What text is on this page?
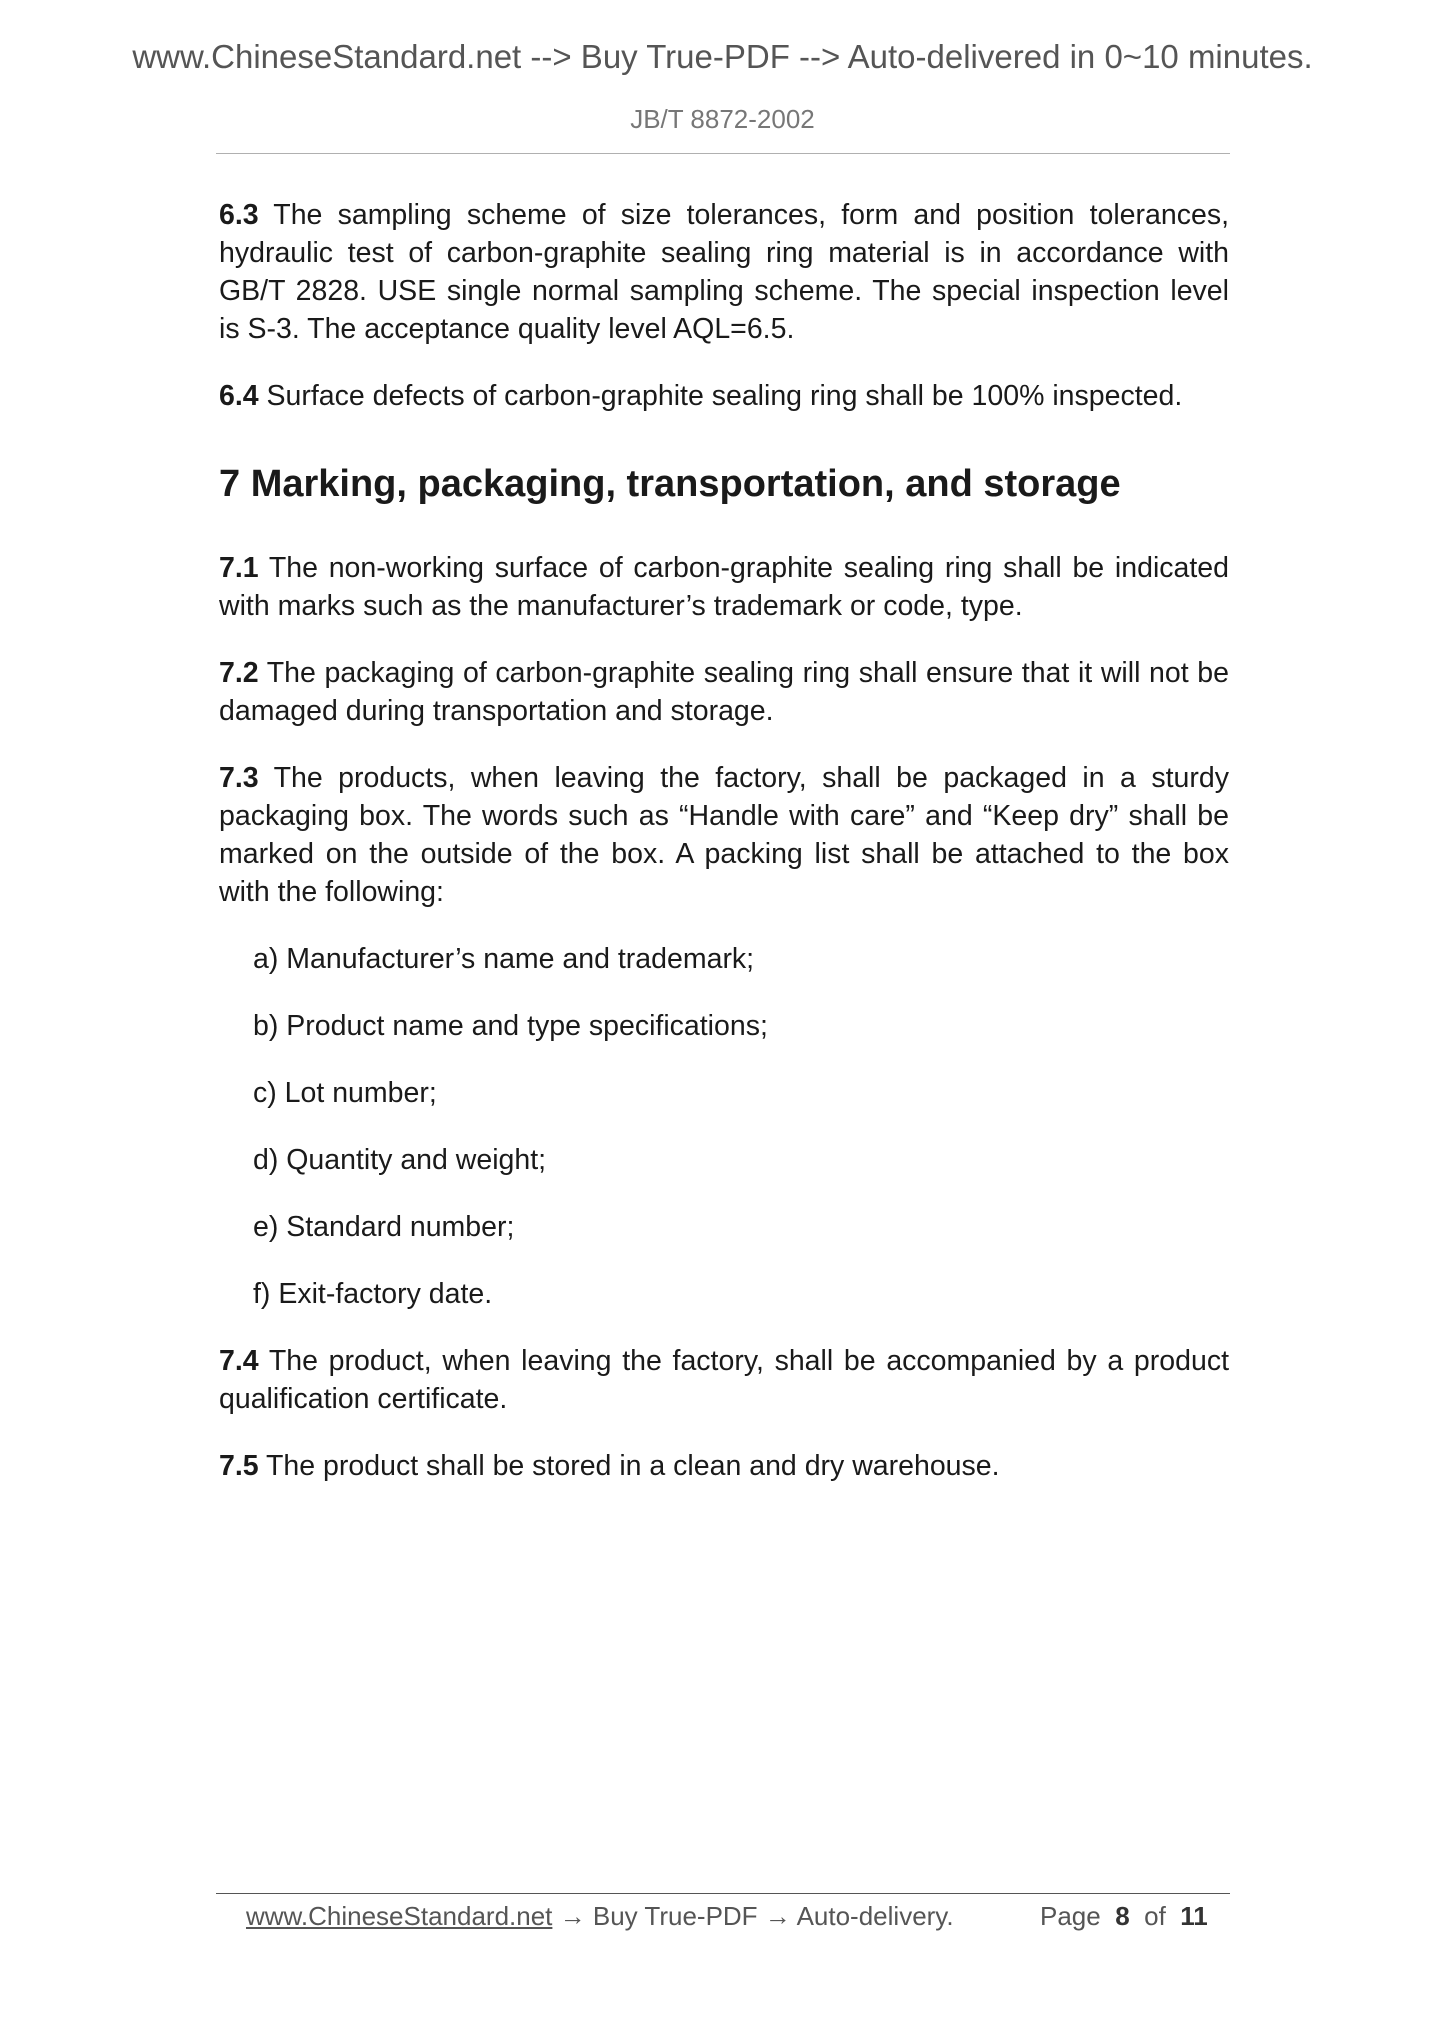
www.ChineseStandard.net --> Buy True-PDF --> Auto-delivered in 0~10 minutes.
JB/T 8872-2002

6.3 The sampling scheme of size tolerances, form and position tolerances, hydraulic test of carbon-graphite sealing ring material is in accordance with GB/T 2828. USE single normal sampling scheme. The special inspection level is S-3. The acceptance quality level AQL=6.5.

6.4 Surface defects of carbon-graphite sealing ring shall be 100% inspected.

7 Marking, packaging, transportation, and storage

7.1 The non-working surface of carbon-graphite sealing ring shall be indicated with marks such as the manufacturer’s trademark or code, type.

7.2 The packaging of carbon-graphite sealing ring shall ensure that it will not be damaged during transportation and storage.

7.3 The products, when leaving the factory, shall be packaged in a sturdy packaging box. The words such as “Handle with care” and “Keep dry” shall be marked on the outside of the box. A packing list shall be attached to the box with the following:

a) Manufacturer’s name and trademark;
b) Product name and type specifications;
c) Lot number;
d) Quantity and weight;
e) Standard number;
f) Exit-factory date.

7.4 The product, when leaving the factory, shall be accompanied by a product qualification certificate.

7.5 The product shall be stored in a clean and dry warehouse.

www.ChineseStandard.net → Buy True-PDF → Auto-delivery.	Page 8 of 11
